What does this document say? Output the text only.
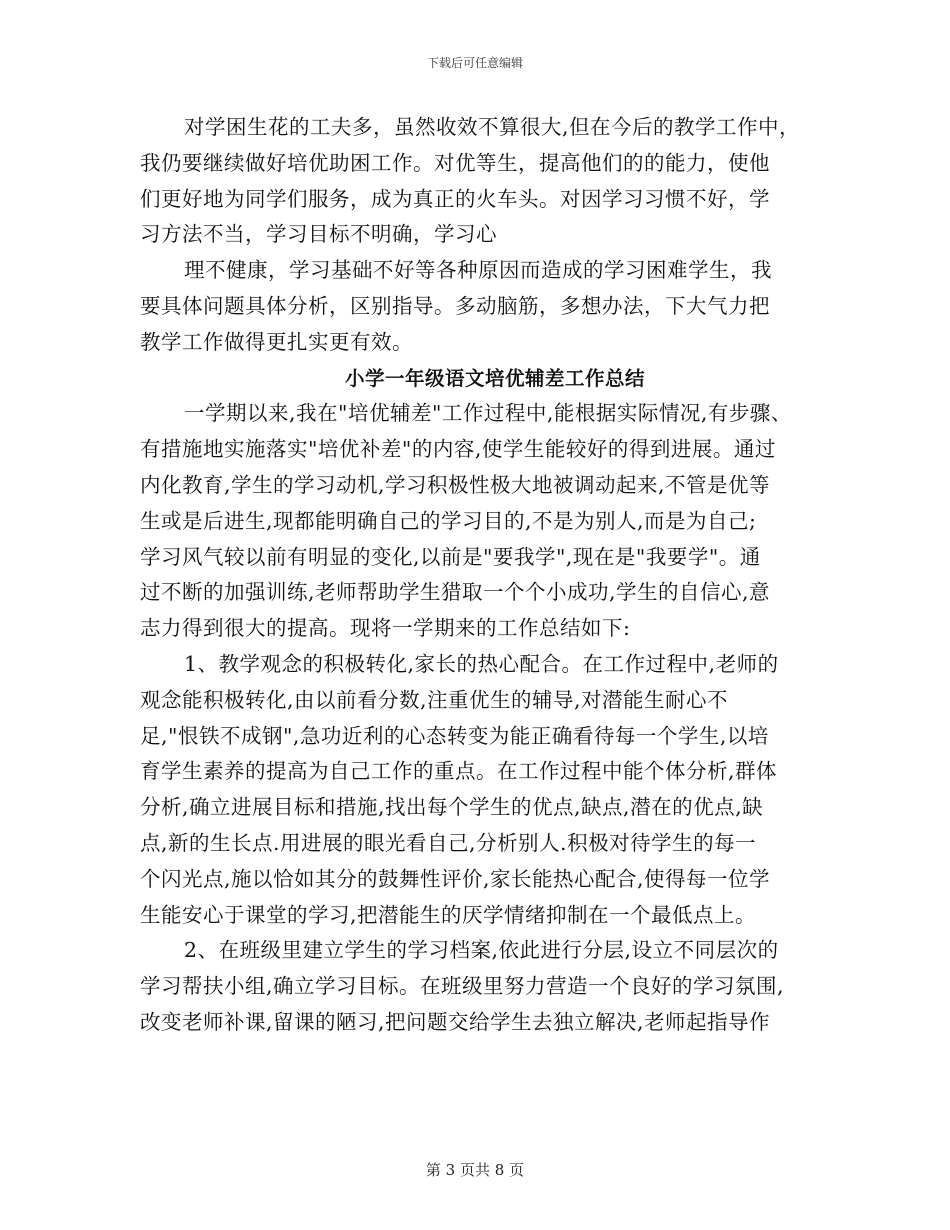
下载后可任意编辑
对学困生花的工夫多，虽然收效不算很大,但在今后的教学工作中，
我仍要继续做好培优助困工作。对优等生，提高他们的的能力，使他
们更好地为同学们服务，成为真正的火车头。对因学习习惯不好，学
习方法不当，学习目标不明确，学习心
理不健康，学习基础不好等各种原因而造成的学习困难学生，我
要具体问题具体分析，区别指导。多动脑筋，多想办法，下大气力把
教学工作做得更扎实更有效。
小学一年级语文培优辅差工作总结
一学期以来,我在"培优辅差"工作过程中,能根据实际情况,有步骤、
有措施地实施落实"培优补差"的内容,使学生能较好的得到进展。通过
内化教育,学生的学习动机,学习积极性极大地被调动起来,不管是优等
生或是后进生,现都能明确自己的学习目的,不是为别人,而是为自己;
学习风气较以前有明显的变化,以前是"要我学",现在是"我要学"。通
过不断的加强训练,老师帮助学生猎取一个个小成功,学生的自信心,意
志力得到很大的提高。现将一学期来的工作总结如下:
1、教学观念的积极转化,家长的热心配合。在工作过程中,老师的
观念能积极转化,由以前看分数,注重优生的辅导,对潜能生耐心不
足,"恨铁不成钢",急功近利的心态转变为能正确看待每一个学生,以培
育学生素养的提高为自己工作的重点。在工作过程中能个体分析,群体
分析,确立进展目标和措施,找出每个学生的优点,缺点,潜在的优点,缺
点,新的生长点.用进展的眼光看自己,分析别人.积极对待学生的每一
个闪光点,施以恰如其分的鼓舞性评价,家长能热心配合,使得每一位学
生能安心于课堂的学习,把潜能生的厌学情绪抑制在一个最低点上。
2、在班级里建立学生的学习档案,依此进行分层,设立不同层次的
学习帮扶小组,确立学习目标。在班级里努力营造一个良好的学习氛围,
改变老师补课,留课的陋习,把问题交给学生去独立解决,老师起指导作
第 3 页共 8 页
